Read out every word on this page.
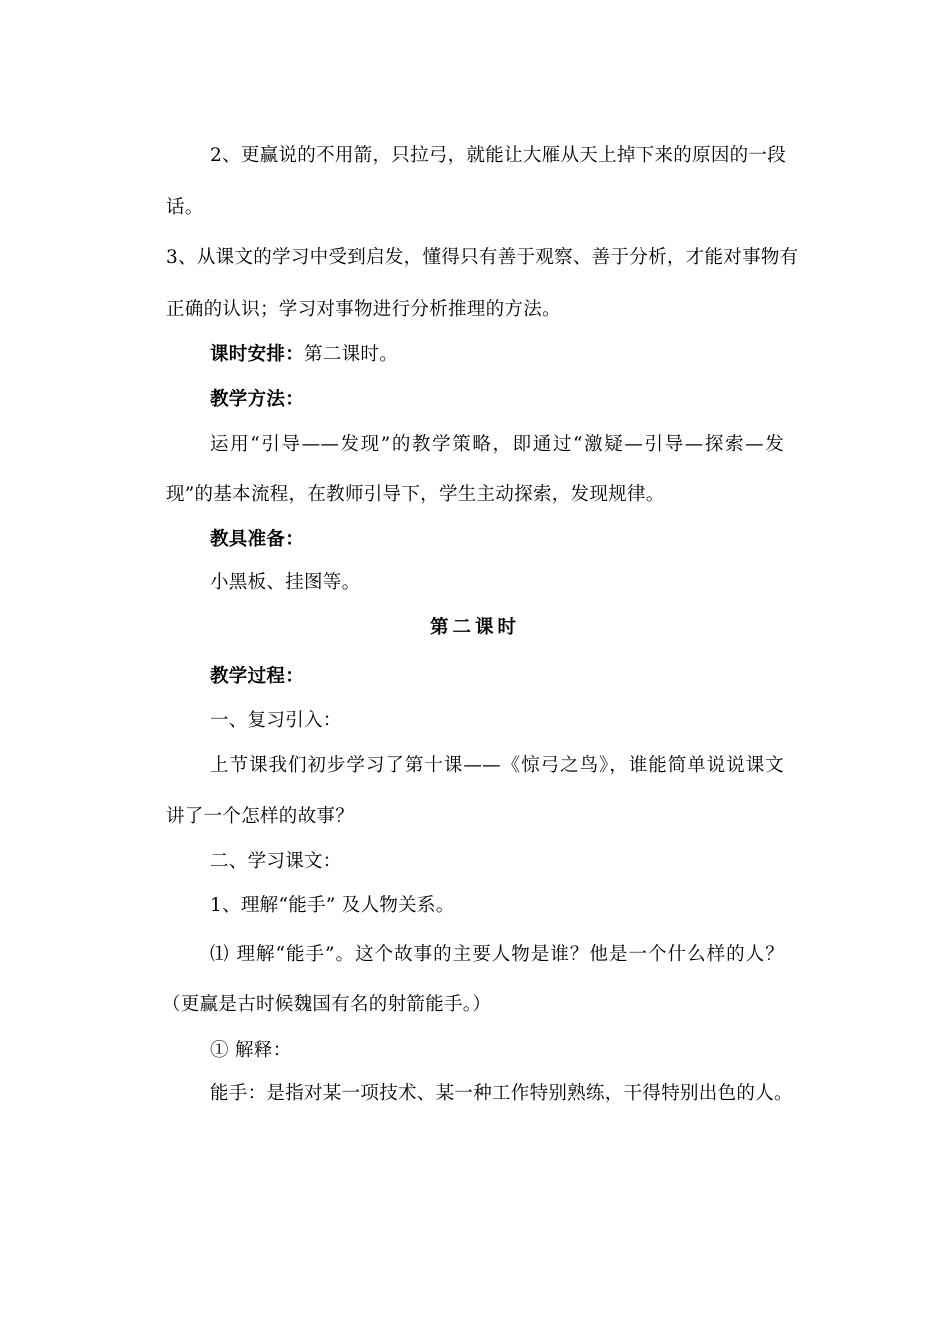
2、更赢说的不用箭，只拉弓，就能让大雁从天上掉下来的原因的一段
话。
3、从课文的学习中受到启发，懂得只有善于观察、善于分析，才能对事物有
正确的认识；学习对事物进行分析推理的方法。
课时安排：第二课时。
教学方法：
运用“引导——发现”的教学策略，即通过“激疑—引导—探索—发
现”的基本流程，在教师引导下，学生主动探索，发现规律。
教具准备：
小黑板、挂图等。
第二课时
教学过程：
一、复习引入：
上节课我们初步学习了第十课——《惊弓之鸟》，谁能简单说说课文
讲了一个怎样的故事？
二、学习课文：
1、理解“能手” 及人物关系。
⑴ 理解“能手”。这个故事的主要人物是谁？他是一个什么样的人？
（更赢是古时候魏国有名的射箭能手。）
① 解释：
能手：是指对某一项技术、某一种工作特别熟练，干得特别出色的人。
